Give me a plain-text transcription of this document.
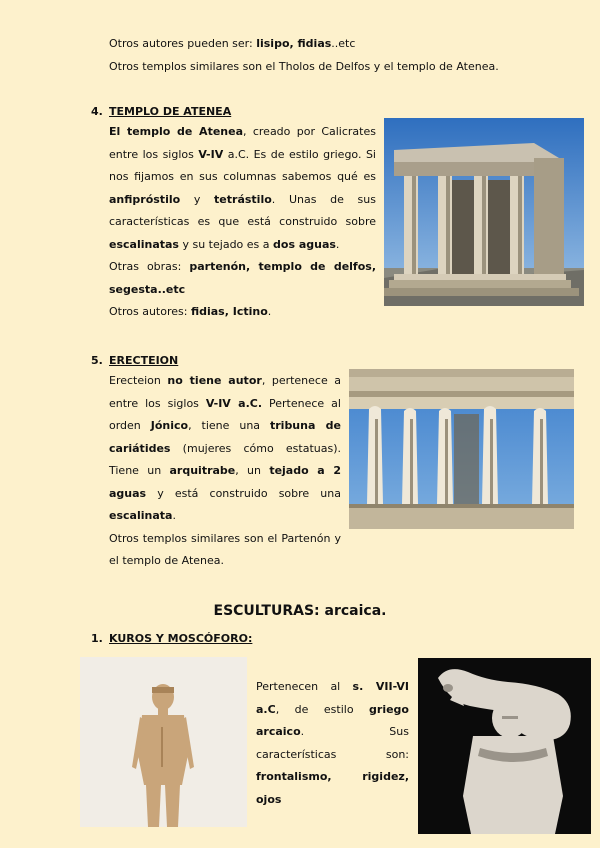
Otros autores pueden ser: lisipo, fidias..etc
Otros templos similares son el Tholos de Delfos y el templo de Atenea.
4. TEMPLO DE ATENEA
El templo de Atenea, creado por Calicrates entre los siglos V-IV a.C. Es de estilo griego. Si nos fijamos en sus columnas sabemos qué es anfipróstilo y tetrástilo. Unas de sus características es que está construido sobre escalinatas y su tejado es a dos aguas.
Otras obras: partenón, templo de delfos, segesta..etc
Otros autores: fidias, Ictino.
5. ERECTEION
Erecteion no tiene autor, pertenece a entre los siglos V-IV a.C. Pertenece al orden Jónico, tiene una tribuna de cariátides (mujeres cómo estatuas). Tiene un arquitrabe, un tejado a 2 aguas y está construido sobre una escalinata.
Otros templos similares son el Partenón y el templo de Atenea.
ESCULTURAS: arcaica.
1. KUROS Y MOSCÓFORO:
Pertenecen al s. VII-VI a.C, de estilo griego arcaico. Sus características son: frontalismo, rigidez, ojos
